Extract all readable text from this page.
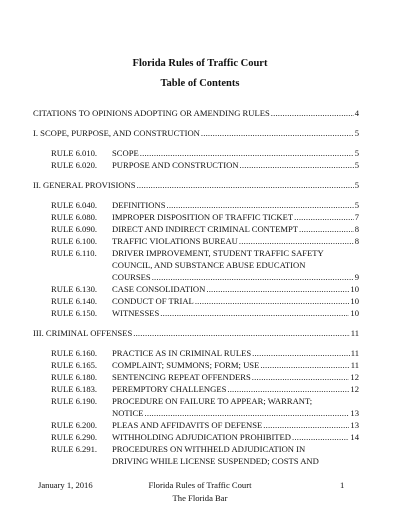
Florida Rules of Traffic Court
Table of Contents
CITATIONS TO OPINIONS ADOPTING OR AMENDING RULES .....	4
I. SCOPE, PURPOSE, AND CONSTRUCTION .....	5
RULE 6.010. SCOPE .....	5
RULE 6.020. PURPOSE AND CONSTRUCTION .....	5
II. GENERAL PROVISIONS .....	5
RULE 6.040. DEFINITIONS .....	5
RULE 6.080. IMPROPER DISPOSITION OF TRAFFIC TICKET .....	7
RULE 6.090. DIRECT AND INDIRECT CRIMINAL CONTEMPT .....	8
RULE 6.100. TRAFFIC VIOLATIONS BUREAU .....	8
RULE 6.110. DRIVER IMPROVEMENT, STUDENT TRAFFIC SAFETY
COUNCIL, AND SUBSTANCE ABUSE EDUCATION
COURSES .....	9
RULE 6.130. CASE CONSOLIDATION .....	10
RULE 6.140. CONDUCT OF TRIAL .....	10
RULE 6.150. WITNESSES .....	10
III. CRIMINAL OFFENSES .....	11
RULE 6.160. PRACTICE AS IN CRIMINAL RULES .....	11
RULE 6.165. COMPLAINT; SUMMONS; FORM; USE .....	11
RULE 6.180. SENTENCING REPEAT OFFENDERS .....	12
RULE 6.183. PEREMPTORY CHALLENGES .....	12
RULE 6.190. PROCEDURE ON FAILURE TO APPEAR; WARRANT;
NOTICE .....	13
RULE 6.200. PLEAS AND AFFIDAVITS OF DEFENSE .....	13
RULE 6.290. WITHHOLDING ADJUDICATION PROHIBITED .....	14
RULE 6.291. PROCEDURES ON WITHHELD ADJUDICATION IN
DRIVING WHILE LICENSE SUSPENDED; COSTS AND
January 1, 2016	Florida Rules of Traffic Court	1
The Florida Bar
